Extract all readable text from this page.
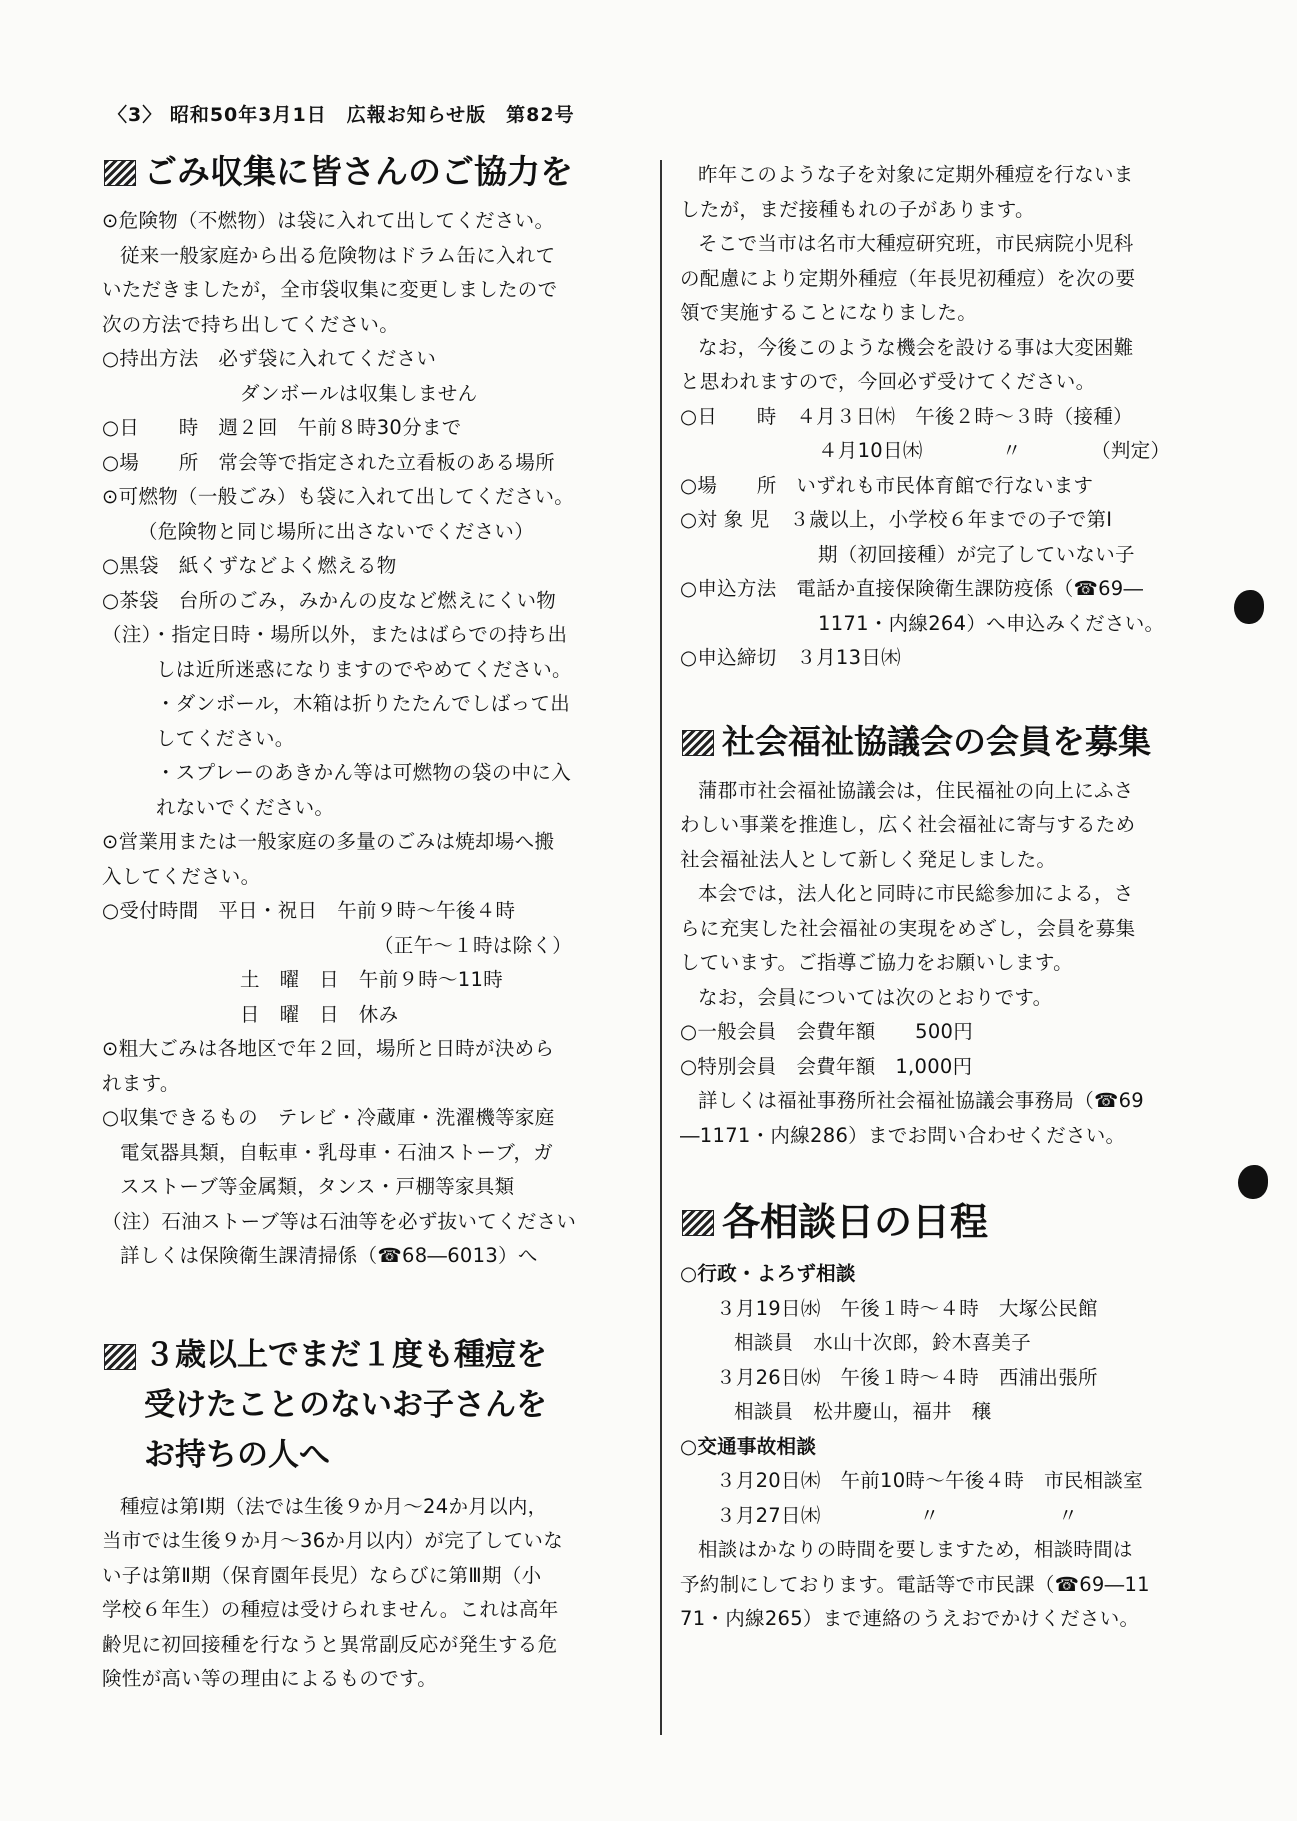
〈3〉 昭和50年3月1日　広報お知らせ版　第82号
ごみ収集に皆さんのご協力を

⊙危険物（不燃物）は袋に入れて出してください。

従来一般家庭から出る危険物はドラム缶に入れて

いただきましたが，全市袋収集に変更しましたので

次の方法で持ち出してください。

○持出方法　必ず袋に入れてください

ダンボールは収集しません

○日　　時　週２回　午前８時30分まで

○場　　所　常会等で指定された立看板のある場所

⊙可燃物（一般ごみ）も袋に入れて出してください。

（危険物と同じ場所に出さないでください）

○黒袋　紙くずなどよく燃える物

○茶袋　台所のごみ，みかんの皮など燃えにくい物

（注）・指定日時・場所以外，またはばらでの持ち出

しは近所迷惑になりますのでやめてください。

・ダンボール，木箱は折りたたんでしばって出

してください。

・スプレーのあきかん等は可燃物の袋の中に入

れないでください。

⊙営業用または一般家庭の多量のごみは焼却場へ搬

入してください。

○受付時間　平日・祝日　午前９時～午後４時

（正午～１時は除く）

土　曜　日　午前９時～11時

日　曜　日　休み

⊙粗大ごみは各地区で年２回，場所と日時が決めら

れます。

○収集できるもの　テレビ・冷蔵庫・洗濯機等家庭

電気器具類，自転車・乳母車・石油ストーブ，ガ

スストーブ等金属類，タンス・戸棚等家具類

（注）石油ストーブ等は石油等を必ず抜いてください

詳しくは保険衛生課清掃係（☎68―6013）へ

３歳以上でまだ１度も種痘を
受けたことのないお子さんを
お持ちの人へ

種痘は第Ⅰ期（法では生後９か月～24か月以内，

当市では生後９か月～36か月以内）が完了していな

い子は第Ⅱ期（保育園年長児）ならびに第Ⅲ期（小

学校６年生）の種痘は受けられません。これは高年

齢児に初回接種を行なうと異常副反応が発生する危

険性が高い等の理由によるものです。

昨年このような子を対象に定期外種痘を行ないま

したが，まだ接種もれの子があります。

そこで当市は名市大種痘研究班，市民病院小児科

の配慮により定期外種痘（年長児初種痘）を次の要

領で実施することになりました。

なお，今後このような機会を設ける事は大変困難

と思われますので，今回必ず受けてください。

○日　　時　４月３日㈭　午後２時～３時（接種）

４月10日㈭　　　　〃　　　　（判定）

○場　　所　いずれも市民体育館で行ないます

○対 象 児　３歳以上，小学校６年までの子で第Ⅰ

期（初回接種）が完了していない子

○申込方法　電話か直接保険衛生課防疫係（☎69―

1171・内線264）へ申込みください。

○申込締切　３月13日㈭

社会福祉協議会の会員を募集

蒲郡市社会福祉協議会は，住民福祉の向上にふさ

わしい事業を推進し，広く社会福祉に寄与するため

社会福祉法人として新しく発足しました。

本会では，法人化と同時に市民総参加による，さ

らに充実した社会福祉の実現をめざし，会員を募集

しています。ご指導ご協力をお願いします。

なお，会員については次のとおりです。

○一般会員　会費年額　　500円

○特別会員　会費年額　1,000円

詳しくは福祉事務所社会福祉協議会事務局（☎69

―1171・内線286）までお問い合わせください。

各相談日の日程

○行政・よろず相談

３月19日㈬　午後１時～４時　大塚公民館

相談員　水山十次郎，鈴木喜美子

３月26日㈬　午後１時～４時　西浦出張所

相談員　松井慶山，福井　穣

○交通事故相談

３月20日㈭　午前10時～午後４時　市民相談室

３月27日㈭　　　　　〃　　　　　　〃

相談はかなりの時間を要しますため，相談時間は

予約制にしております。電話等で市民課（☎69―11

71・内線265）まで連絡のうえおでかけください。
